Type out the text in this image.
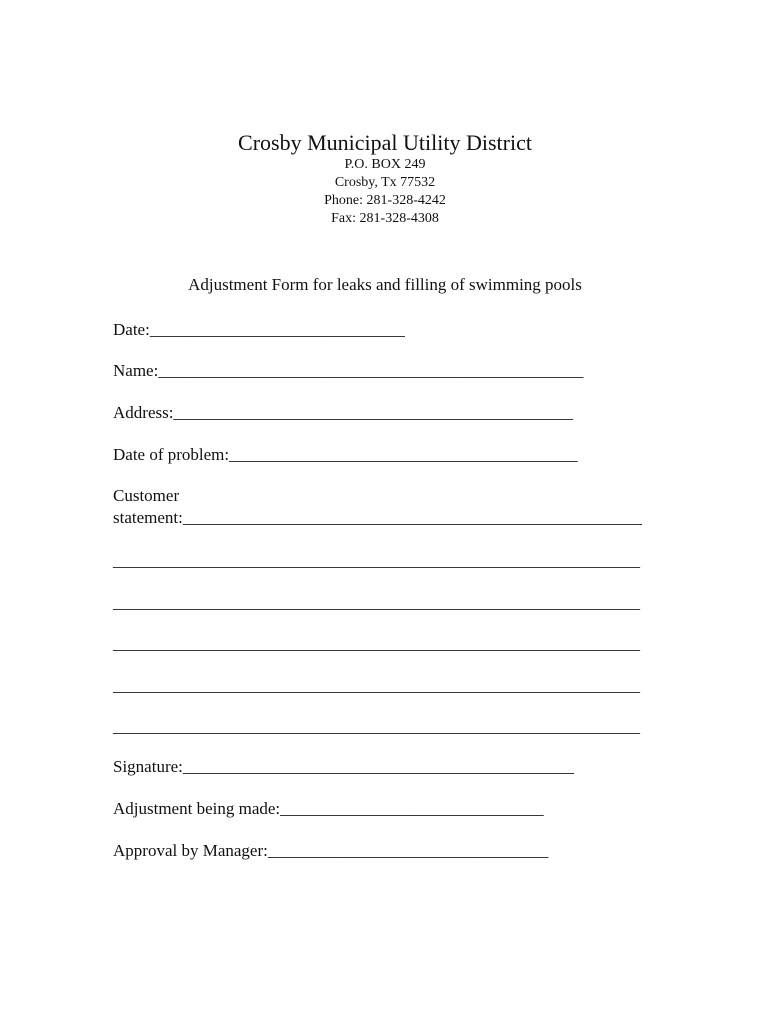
Crosby Municipal Utility District
P.O. BOX 249
Crosby, Tx 77532
Phone: 281-328-4242
Fax: 281-328-4308
Adjustment Form for leaks and filling of swimming pools
Date:______________________________
Name:__________________________________________________
Address:_______________________________________________
Date of problem:_________________________________________
Customer
statement:______________________________________________________
______________________________________________________________
______________________________________________________________
______________________________________________________________
______________________________________________________________
______________________________________________________________
Signature:______________________________________________
Adjustment being made:_______________________________
Approval by Manager:_________________________________
